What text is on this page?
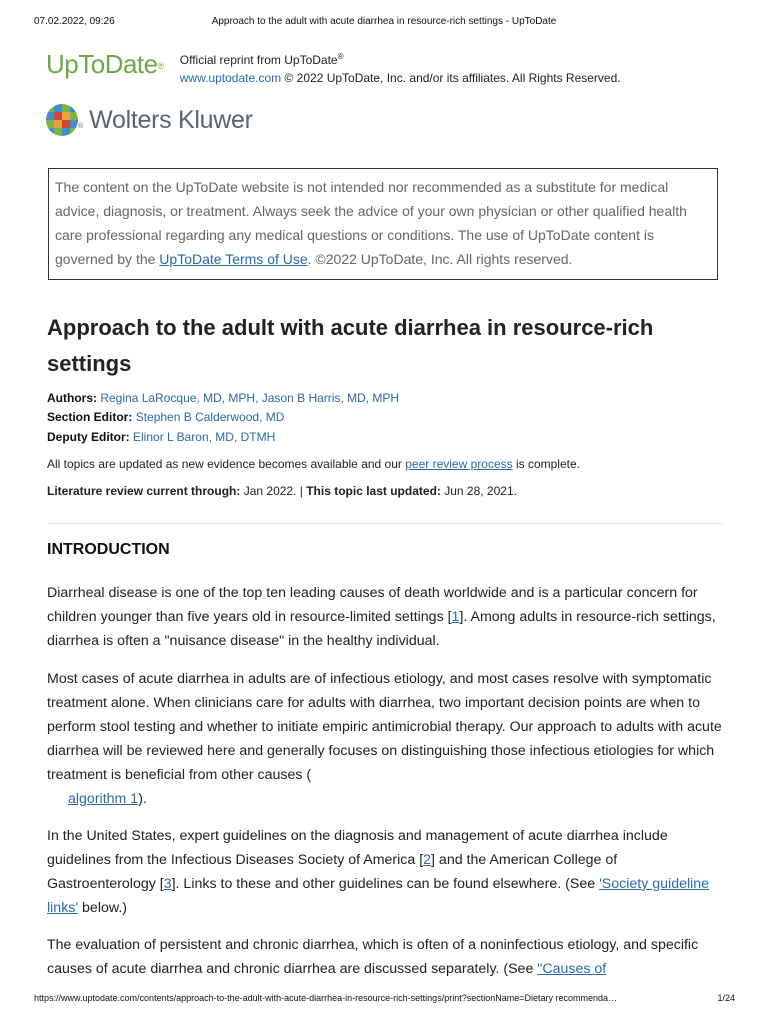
07.02.2022, 09:26	Approach to the adult with acute diarrhea in resource-rich settings - UpToDate
UpToDate® Official reprint from UpToDate®
www.uptodate.com © 2022 UpToDate, Inc. and/or its affiliates. All Rights Reserved.
® Wolters Kluwer
The content on the UpToDate website is not intended nor recommended as a substitute for medical advice, diagnosis, or treatment. Always seek the advice of your own physician or other qualified health care professional regarding any medical questions or conditions. The use of UpToDate content is governed by the UpToDate Terms of Use. ©2022 UpToDate, Inc. All rights reserved.
Approach to the adult with acute diarrhea in resource-rich settings
Authors: Regina LaRocque, MD, MPH, Jason B Harris, MD, MPH
Section Editor: Stephen B Calderwood, MD
Deputy Editor: Elinor L Baron, MD, DTMH
All topics are updated as new evidence becomes available and our peer review process is complete.
Literature review current through: Jan 2022. | This topic last updated: Jun 28, 2021.
INTRODUCTION
Diarrheal disease is one of the top ten leading causes of death worldwide and is a particular concern for children younger than five years old in resource-limited settings [1]. Among adults in resource-rich settings, diarrhea is often a "nuisance disease" in the healthy individual.
Most cases of acute diarrhea in adults are of infectious etiology, and most cases resolve with symptomatic treatment alone. When clinicians care for adults with diarrhea, two important decision points are when to perform stool testing and whether to initiate empiric antimicrobial therapy. Our approach to adults with acute diarrhea will be reviewed here and generally focuses on distinguishing those infectious etiologies for which treatment is beneficial from other causes (
algorithm 1).
In the United States, expert guidelines on the diagnosis and management of acute diarrhea include guidelines from the Infectious Diseases Society of America [2] and the American College of Gastroenterology [3]. Links to these and other guidelines can be found elsewhere. (See 'Society guideline links' below.)
The evaluation of persistent and chronic diarrhea, which is often of a noninfectious etiology, and specific causes of acute diarrhea and chronic diarrhea are discussed separately. (See "Causes of
https://www.uptodate.com/contents/approach-to-the-adult-with-acute-diarrhea-in-resource-rich-settings/print?sectionName=Dietary recommenda…	1/24
